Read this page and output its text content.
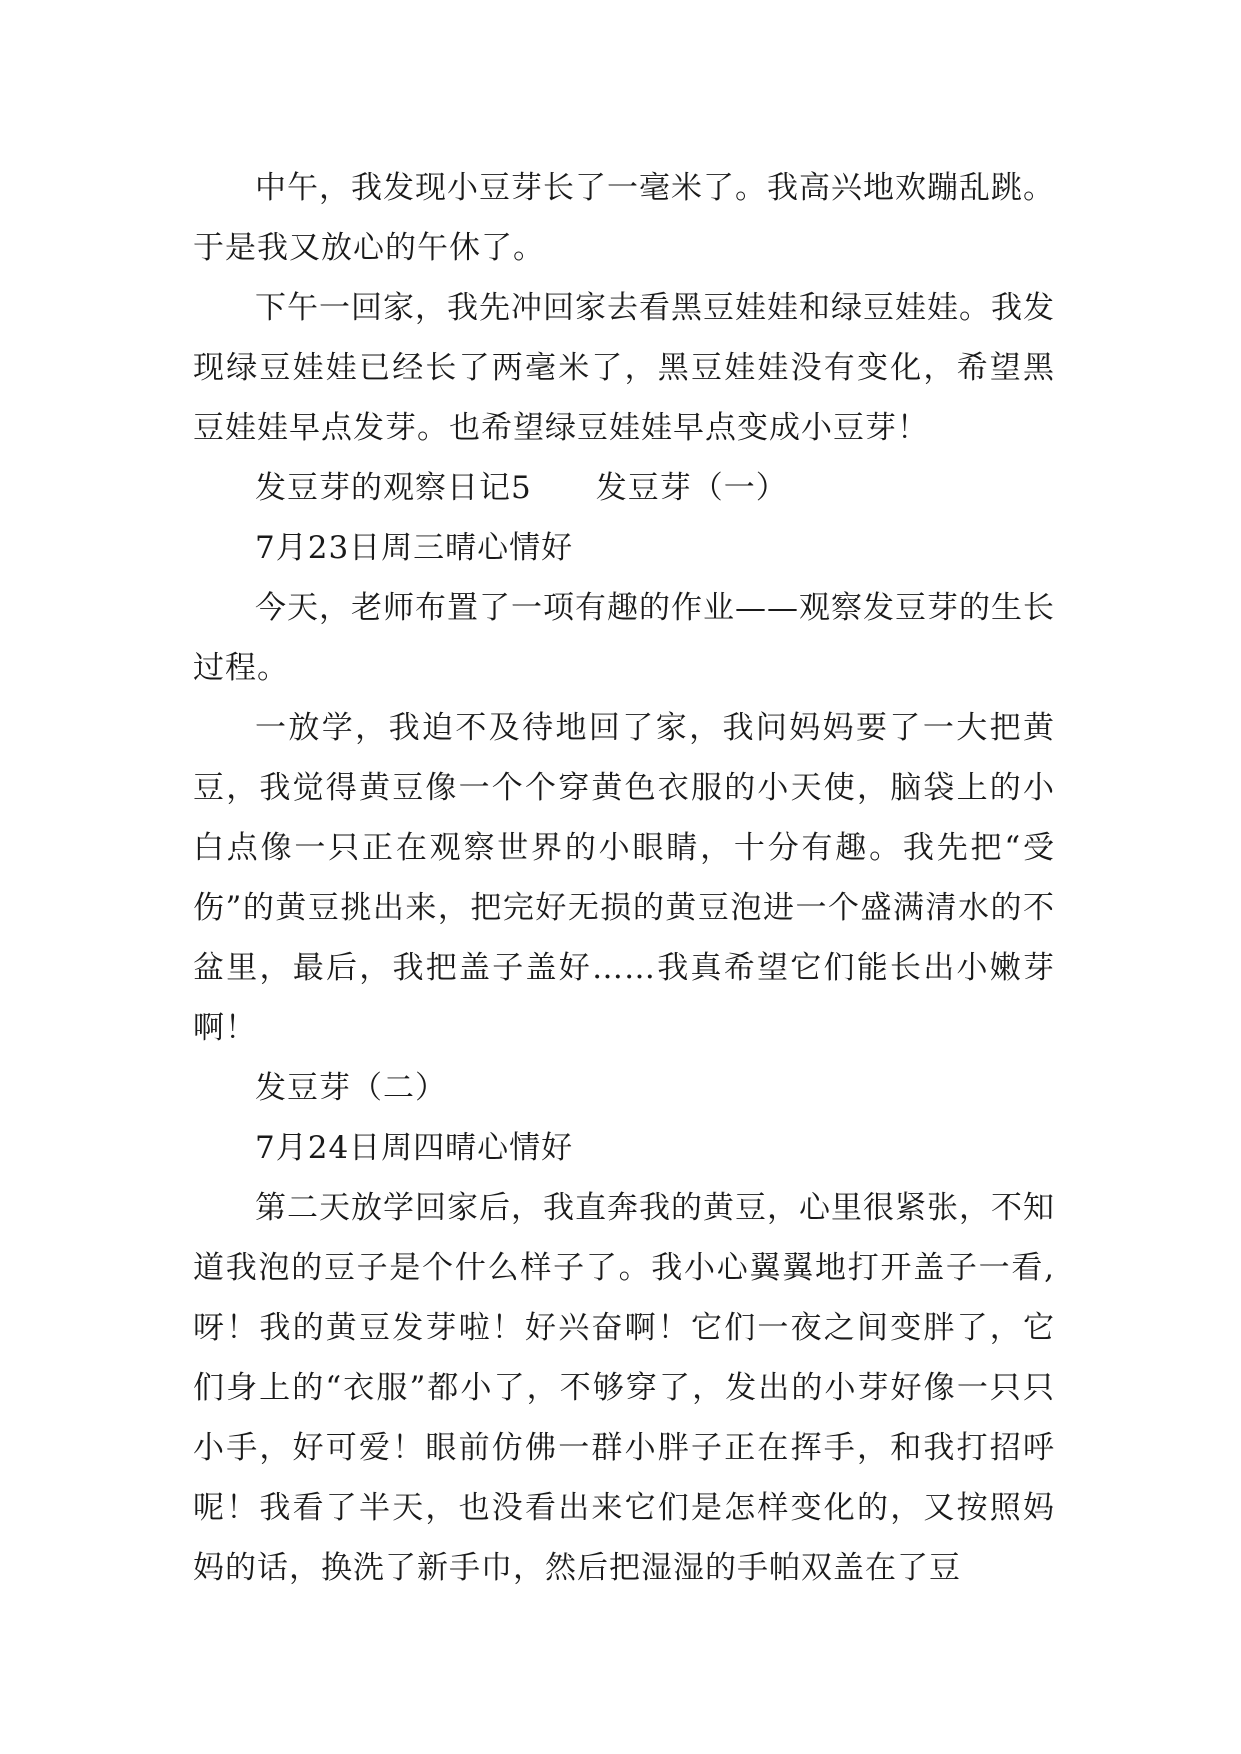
中午，我发现小豆芽长了一毫米了。我高兴地欢蹦乱跳。于是我又放心的午休了。

下午一回家，我先冲回家去看黑豆娃娃和绿豆娃娃。我发现绿豆娃娃已经长了两毫米了，黑豆娃娃没有变化，希望黑豆娃娃早点发芽。也希望绿豆娃娃早点变成小豆芽！

发豆芽的观察日记5　　发豆芽（一）

7月23日周三晴心情好

今天，老师布置了一项有趣的作业——观察发豆芽的生长过程。

一放学，我迫不及待地回了家，我问妈妈要了一大把黄豆，我觉得黄豆像一个个穿黄色衣服的小天使，脑袋上的小白点像一只正在观察世界的小眼睛，十分有趣。我先把“受伤”的黄豆挑出来，把完好无损的黄豆泡进一个盛满清水的不盆里，最后，我把盖子盖好……我真希望它们能长出小嫩芽啊！

发豆芽（二）

7月24日周四晴心情好

第二天放学回家后，我直奔我的黄豆，心里很紧张，不知道我泡的豆子是个什么样子了。我小心翼翼地打开盖子一看,呀！我的黄豆发芽啦！好兴奋啊！它们一夜之间变胖了，它们身上的“衣服”都小了，不够穿了，发出的小芽好像一只只小手，好可爱！眼前仿佛一群小胖子正在挥手，和我打招呼呢！我看了半天，也没看出来它们是怎样变化的，又按照妈妈的话，换洗了新手巾，然后把湿湿的手帕双盖在了豆
